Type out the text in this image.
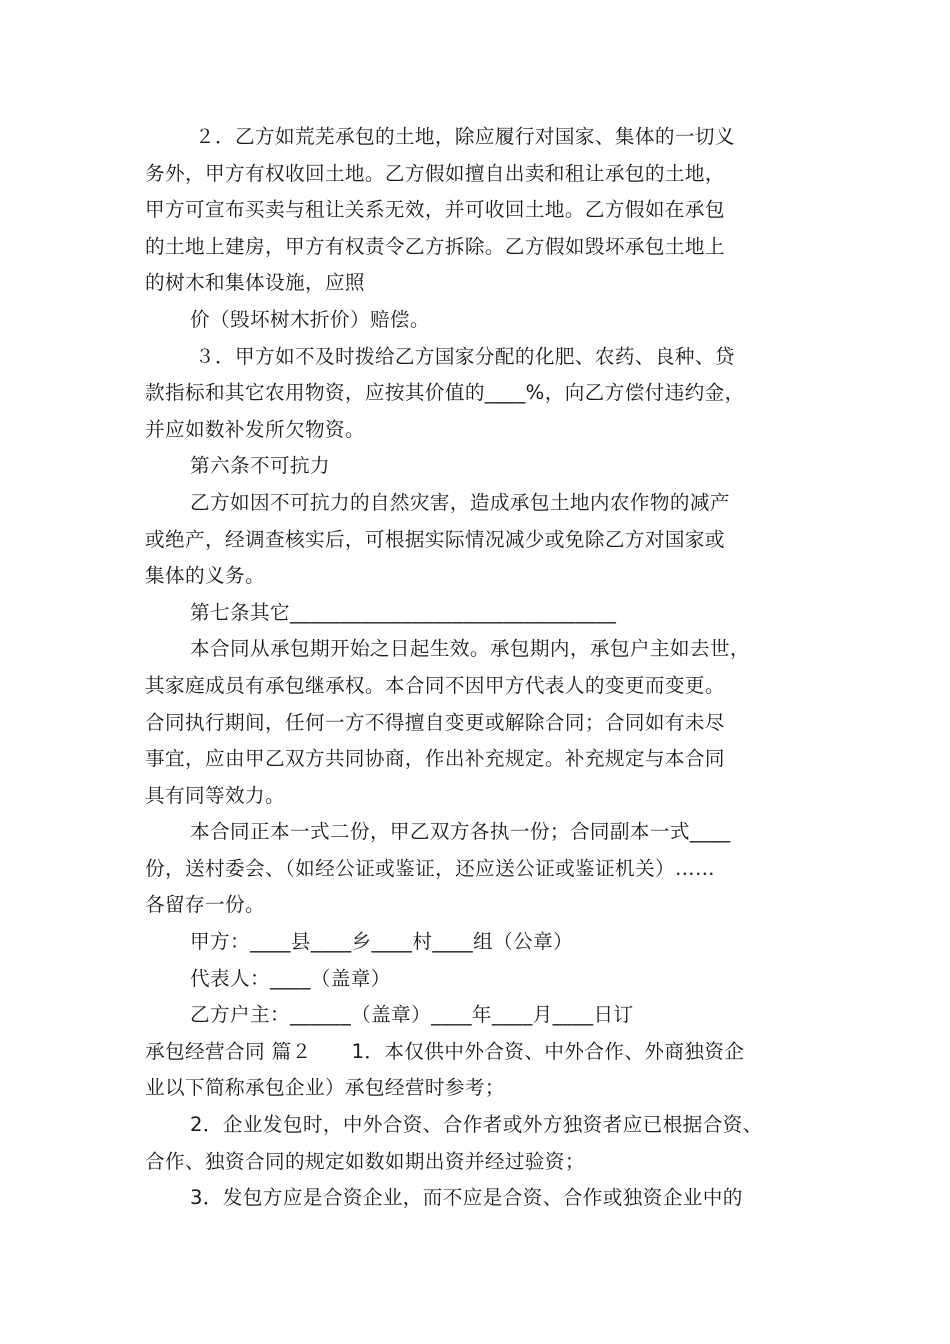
２．乙方如荒芜承包的土地，除应履行对国家、集体的一切义

务外，甲方有权收回土地。乙方假如擅自出卖和租让承包的土地，

甲方可宣布买卖与租让关系无效，并可收回土地。乙方假如在承包

的土地上建房，甲方有权责令乙方拆除。乙方假如毁坏承包土地上

的树木和集体设施，应照

价（毁坏树木折价）赔偿。

３．甲方如不及时拨给乙方国家分配的化肥、农药、良种、贷

款指标和其它农用物资，应按其价值的____%，向乙方偿付违约金，

并应如数补发所欠物资。

第六条不可抗力

乙方如因不可抗力的自然灾害，造成承包土地内农作物的减产

或绝产，经调查核实后，可根据实际情况减少或免除乙方对国家或

集体的义务。

第七条其它________________________________

本合同从承包期开始之日起生效。承包期内，承包户主如去世，

其家庭成员有承包继承权。本合同不因甲方代表人的变更而变更。

合同执行期间，任何一方不得擅自变更或解除合同；合同如有未尽

事宜，应由甲乙双方共同协商，作出补充规定。补充规定与本合同

具有同等效力。

本合同正本一式二份，甲乙双方各执一份；合同副本一式____

份，送村委会、（如经公证或鉴证，还应送公证或鉴证机关）……

各留存一份。

甲方：____县____乡____村____组（公章）

代表人：____（盖章）

乙方户主：______（盖章）____年____月____日订

承包经营合同 篇２　　1．本仅供中外合资、中外合作、外商独资企

业以下简称承包企业）承包经营时参考；

2．企业发包时，中外合资、合作者或外方独资者应已根据合资、

合作、独资合同的规定如数如期出资并经过验资；

3．发包方应是合资企业，而不应是合资、合作或独资企业中的
